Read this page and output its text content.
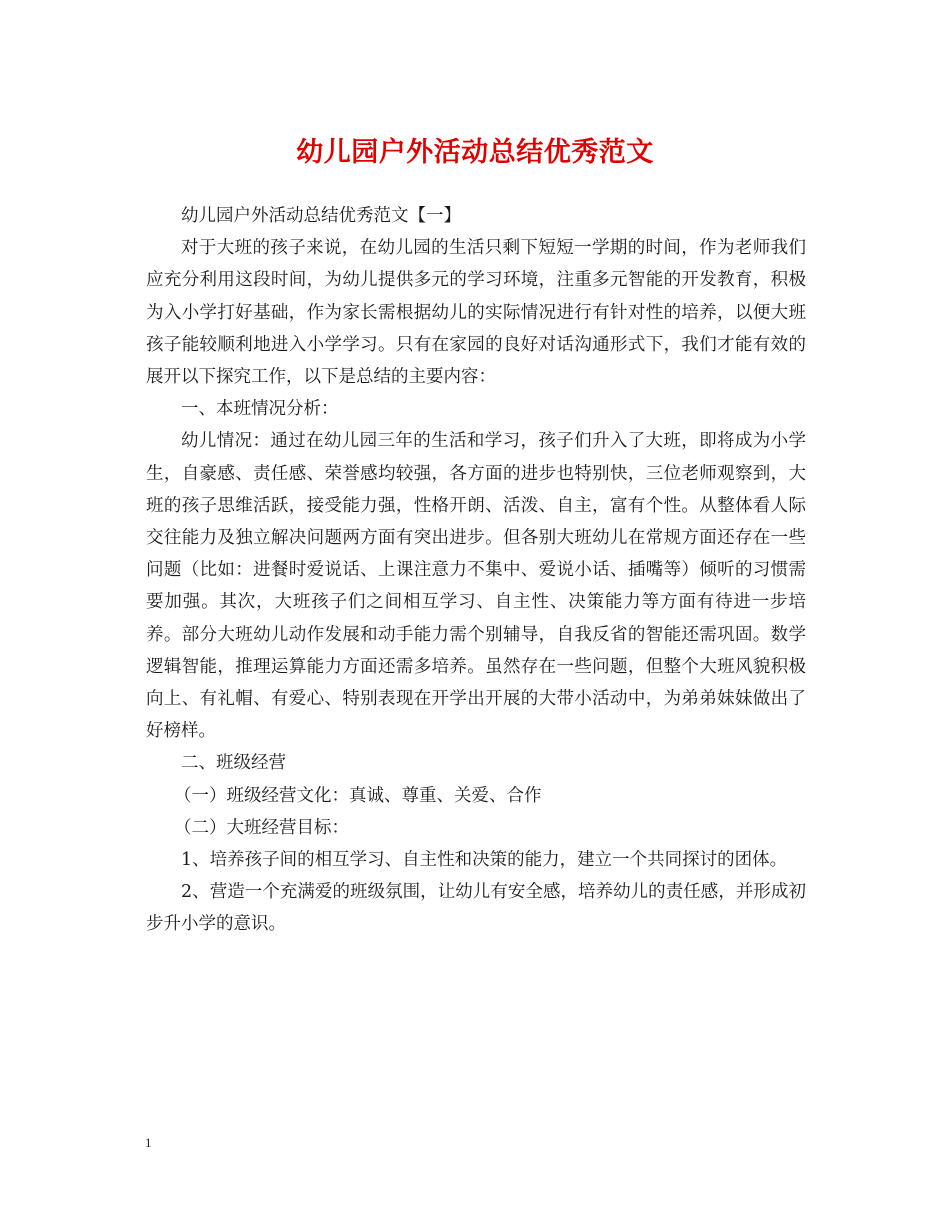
幼儿园户外活动总结优秀范文

幼儿园户外活动总结优秀范文【一】

对于大班的孩子来说，在幼儿园的生活只剩下短短一学期的时间，作为老师我们应充分利用这段时间，为幼儿提供多元的学习环境，注重多元智能的开发教育，积极为入小学打好基础，作为家长需根据幼儿的实际情况进行有针对性的培养，以便大班孩子能较顺利地进入小学学习。只有在家园的良好对话沟通形式下，我们才能有效的展开以下探究工作，以下是总结的主要内容：

一、本班情况分析：

幼儿情况：通过在幼儿园三年的生活和学习，孩子们升入了大班，即将成为小学生，自豪感、责任感、荣誉感均较强，各方面的进步也特别快，三位老师观察到，大班的孩子思维活跃，接受能力强，性格开朗、活泼、自主，富有个性。从整体看人际交往能力及独立解决问题两方面有突出进步。但各别大班幼儿在常规方面还存在一些问题（比如：进餐时爱说话、上课注意力不集中、爱说小话、插嘴等）倾听的习惯需要加强。其次，大班孩子们之间相互学习、自主性、决策能力等方面有待进一步培养。部分大班幼儿动作发展和动手能力需个别辅导，自我反省的智能还需巩固。数学逻辑智能，推理运算能力方面还需多培养。虽然存在一些问题，但整个大班风貌积极向上、有礼帽、有爱心、特别表现在开学出开展的大带小活动中，为弟弟妹妹做出了好榜样。

二、班级经营

（一）班级经营文化：真诚、尊重、关爱、合作

（二）大班经营目标：

1、培养孩子间的相互学习、自主性和决策的能力，建立一个共同探讨的团体。

2、营造一个充满爱的班级氛围，让幼儿有安全感，培养幼儿的责任感，并形成初步升小学的意识。

1
